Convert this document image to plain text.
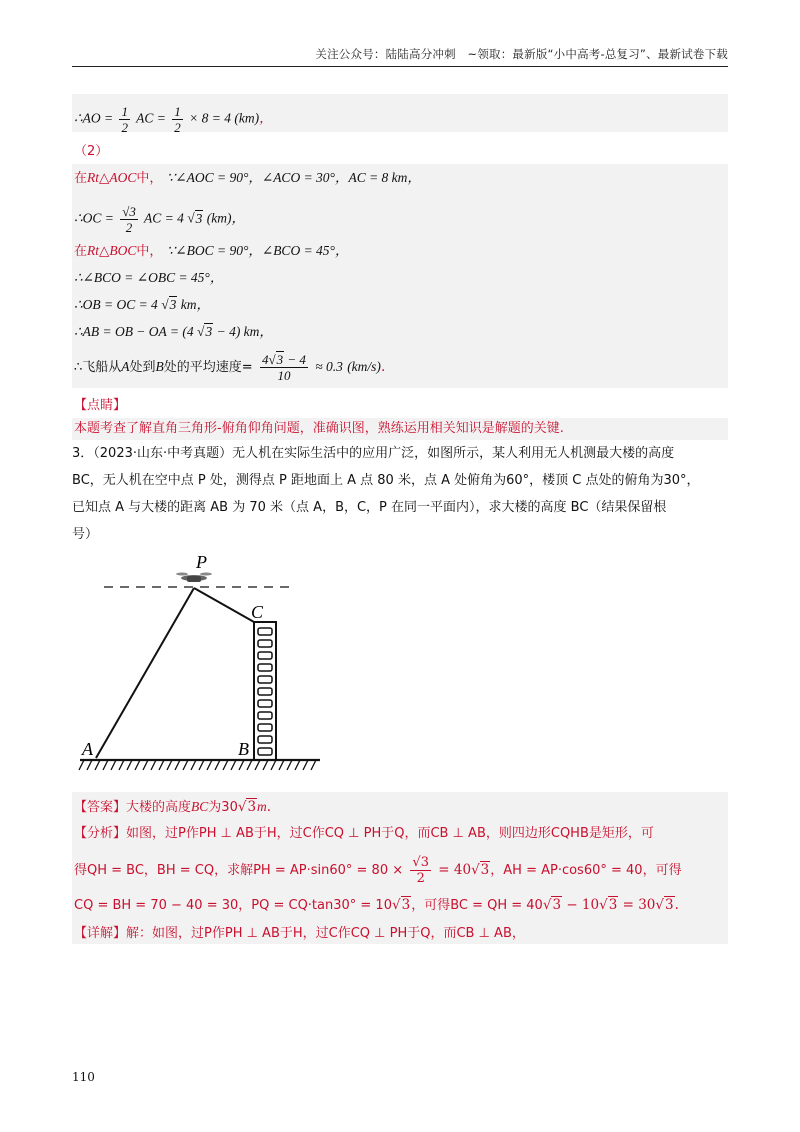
关注公众号：陆陆高分冲刺　~领取：最新版“小中高考-总复习”、最新试卷下载
∴AO = $\frac{1}{2}$ AC = $\frac{1}{2} \times 8 = 4$ (km)，
（2）
在Rt△AOC中， ∵∠AOC = 90°，∠ACO = 30°，AC = 8 km，
∴OC = $\frac{√3}{2}$ AC = 4 √3 (km)，
在Rt△BOC中， ∵∠BOC = 90°，∠BCO = 45°，
∴∠BCO = ∠OBC = 45°，
∴OB = OC = 4 √3 km，
∴AB = OB − OA = (4 √3 − 4) km，
∴飞船从A处到B处的平均速度= $\frac{4√3 - 4}{10} \approx 0.3$ (km/s).
【点睛】
本题考查了解直角三角形-俯角仰角问题，准确识图，熟练运用相关知识是解题的关键.
3．（2023·山东·中考真题）无人机在实际生活中的应用广泛，如图所示，某人利用无人机测最大楼的高度
BC，无人机在空中点 P 处，测得点 P 距地面上 A 点 80 米，点 A 处俯角为60°，楼顶 C 点处的俯角为30°，
已知点 A 与大楼的距离 AB 为 70 米（点 A，B，C，P 在同一平面内），求大楼的高度 BC（结果保留根
号）
P
C
A	B
【答案】大楼的高度BC为30√3m.
【分析】如图，过P作PH ⊥ AB于H，过C作CQ ⊥ PH于Q，而CB ⊥ AB，则四边形CQHB是矩形，可
得QH = BC，BH = CQ，求解PH = $AP\cdot\sin 60^\circ = 80 \times \frac{√3}{2} = 40√3$，AH = AP·cos60° = 40，可得
CQ = BH = 70 − 40 = 30，PQ = CQ·tan30° = 10√3，可得BC = QH = 40√3 − 10√3 = 30√3.
【详解】解：如图，过P作PH ⊥ AB于H，过C作CQ ⊥ PH于Q，而CB ⊥ AB，
110
